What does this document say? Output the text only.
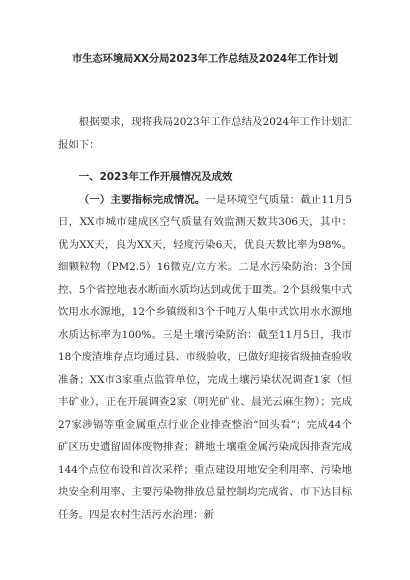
市生态环境局XX分局2023年工作总结及2024年工作计划

根据要求，现将我局2023年工作总结及2024年工作计划汇报如下：

一、2023年工作开展情况及成效

（一）主要指标完成情况。一是环境空气质量：截止11月5日，XX市城市建成区空气质量有效监测天数共306天，其中：优为XX天，良为XX天，轻度污染6天，优良天数比率为98%。细颗粒物（PM2.5）16微克/立方米。二是水污染防治：3个国控、5个省控地表水断面水质均达到或优于Ⅲ类。2个县级集中式饮用水水源地，12个乡镇级和3个千吨万人集中式饮用水水源地水质达标率为100%。三是土壤污染防治：截至11月5日，我市18个废渣堆存点均通过县、市级验收，已做好迎接省级抽查验收准备；XX市3家重点监管单位，完成土壤污染状况调查1家（恒丰矿业），正在开展调查2家（明光矿业、晨光云麻生物）；完成27家涉镉等重金属重点行业企业排查整治“回头看”；完成44个矿区历史遗留固体废物排查；耕地土壤重金属污染成因排查完成144个点位布设和首次采样；重点建设用地安全利用率、污染地块安全利用率、主要污染物排放总量控制均完成省、市下达目标任务。四是农村生活污水治理：新
